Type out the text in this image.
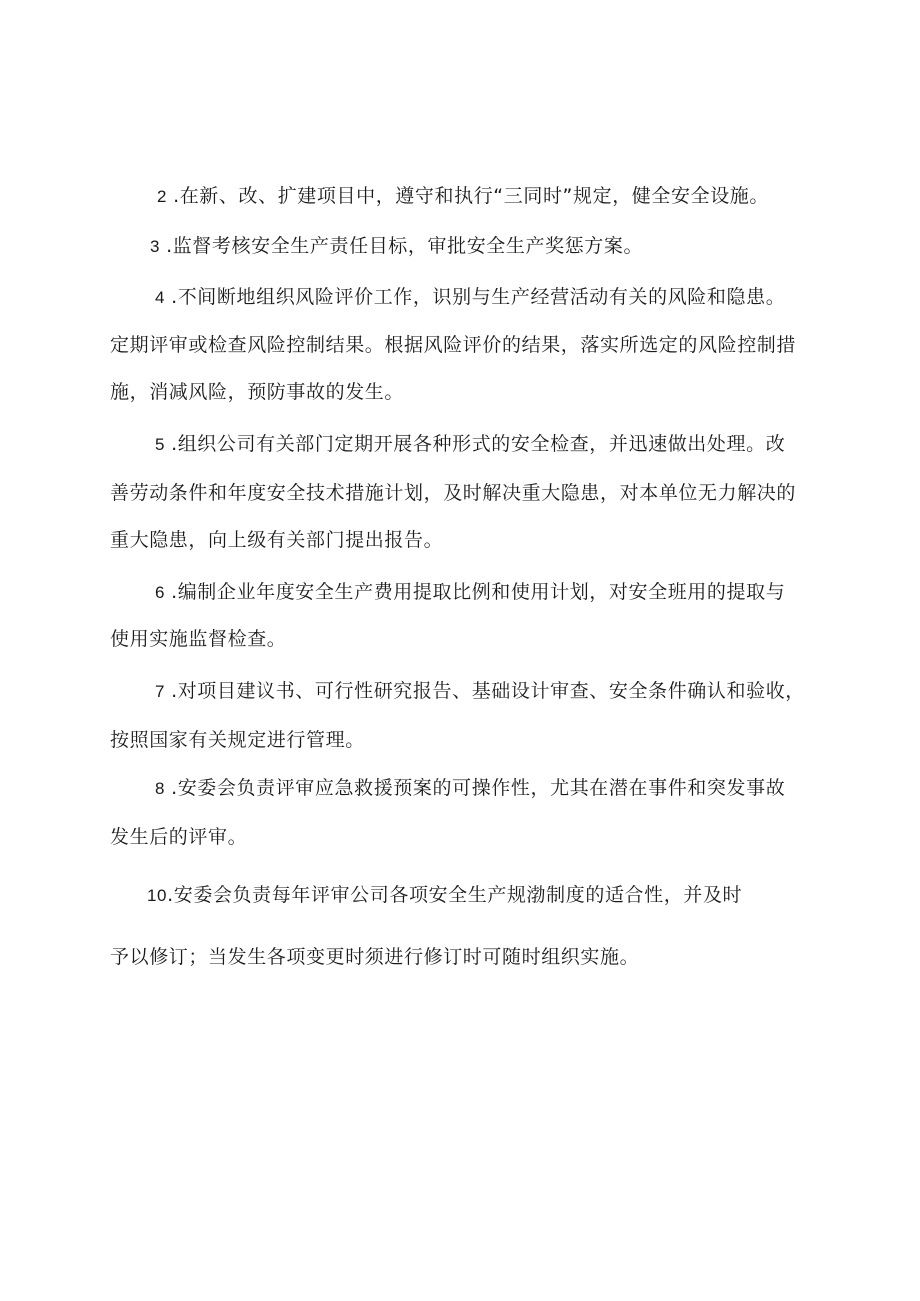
2 .在新、改、扩建项目中，遵守和执行“三同时”规定，健全安全设施。
3 .监督考核安全生产责任目标，审批安全生产奖惩方案。
4 .不间断地组织风险评价工作，识别与生产经营活动有关的风险和隐患。
定期评审或检查风险控制结果。根据风险评价的结果，落实所选定的风险控制措
施，消减风险，预防事故的发生。
5 .组织公司有关部门定期开展各种形式的安全检查，并迅速做出处理。改
善劳动条件和年度安全技术措施计划，及时解决重大隐患，对本单位无力解决的
重大隐患，向上级有关部门提出报告。
6 .编制企业年度安全生产费用提取比例和使用计划，对安全班用的提取与
使用实施监督检查。
7 .对项目建议书、可行性研究报告、基础设计审查、安全条件确认和验收，
按照国家有关规定进行管理。
8 .安委会负责评审应急救援预案的可操作性，尤其在潜在事件和突发事故
发生后的评审。
10.安委会负责每年评审公司各项安全生产规渤制度的适合性，并及时
予以修订；当发生各项变更时须进行修订时可随时组织实施。
